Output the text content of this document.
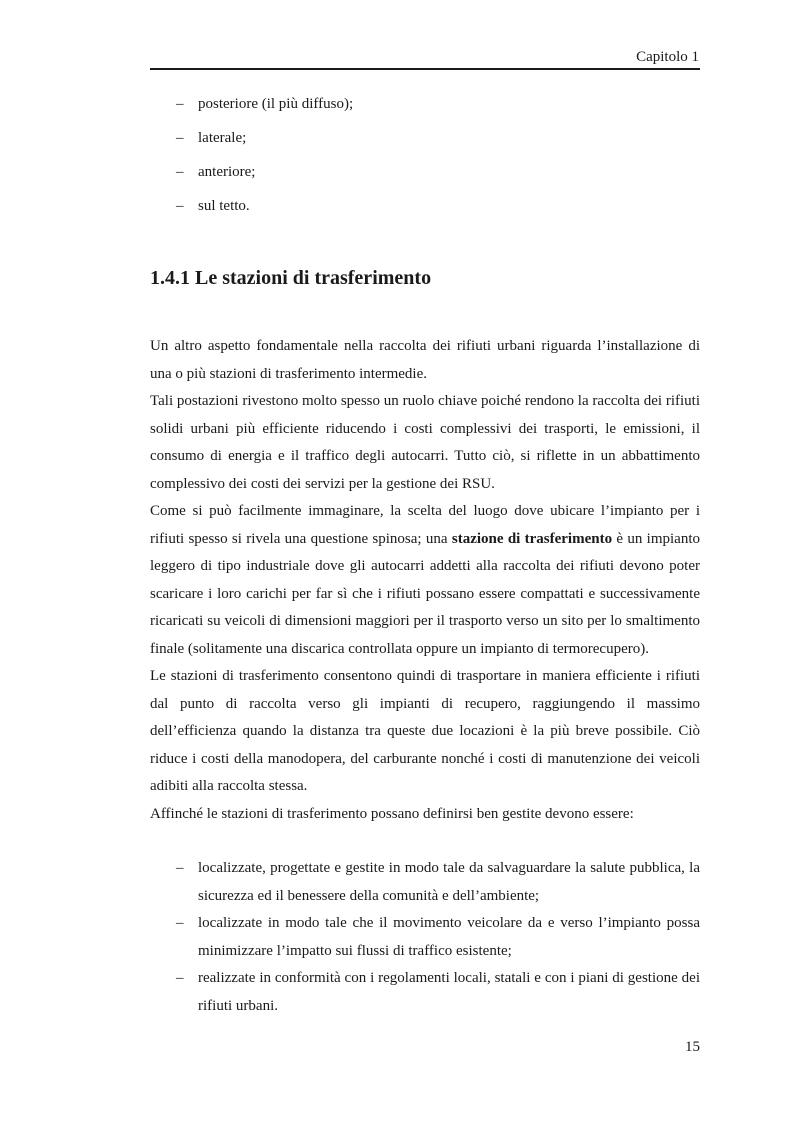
Capitolo 1
– posteriore (il più diffuso);
– laterale;
– anteriore;
– sul tetto.
1.4.1 Le stazioni di trasferimento

Un altro aspetto fondamentale nella raccolta dei rifiuti urbani riguarda l’installazione di una o più stazioni di trasferimento intermedie.

Tali postazioni rivestono molto spesso un ruolo chiave poiché rendono la raccolta dei rifiuti solidi urbani più efficiente riducendo i costi complessivi dei trasporti, le emissioni, il consumo di energia e il traffico degli autocarri. Tutto ciò, si riflette in un abbattimento complessivo dei costi dei servizi per la gestione dei RSU.

Come si può facilmente immaginare, la scelta del luogo dove ubicare l’impianto per i rifiuti spesso si rivela una questione spinosa; una stazione di trasferimento è un impianto leggero di tipo industriale dove gli autocarri addetti alla raccolta dei rifiuti devono poter scaricare i loro carichi per far sì che i rifiuti possano essere compattati e successivamente ricaricati su veicoli di dimensioni maggiori per il trasporto verso un sito per lo smaltimento finale (solitamente una discarica controllata oppure un impianto di termorecupero).

Le stazioni di trasferimento consentono quindi di trasportare in maniera efficiente i rifiuti dal punto di raccolta verso gli impianti di recupero, raggiungendo il massimo dell’efficienza quando la distanza tra queste due locazioni è la più breve possibile. Ciò riduce i costi della manodopera, del carburante nonché i costi di manutenzione dei veicoli adibiti alla raccolta stessa.

Affinché le stazioni di trasferimento possano definirsi ben gestite devono essere:

– localizzate, progettate e gestite in modo tale da salvaguardare la salute pubblica, la sicurezza ed il benessere della comunità e dell’ambiente;
– localizzate in modo tale che il movimento veicolare da e verso l’impianto possa minimizzare l’impatto sui flussi di traffico esistente;
– realizzate in conformità con i regolamenti locali, statali e con i piani di gestione dei rifiuti urbani.
15
